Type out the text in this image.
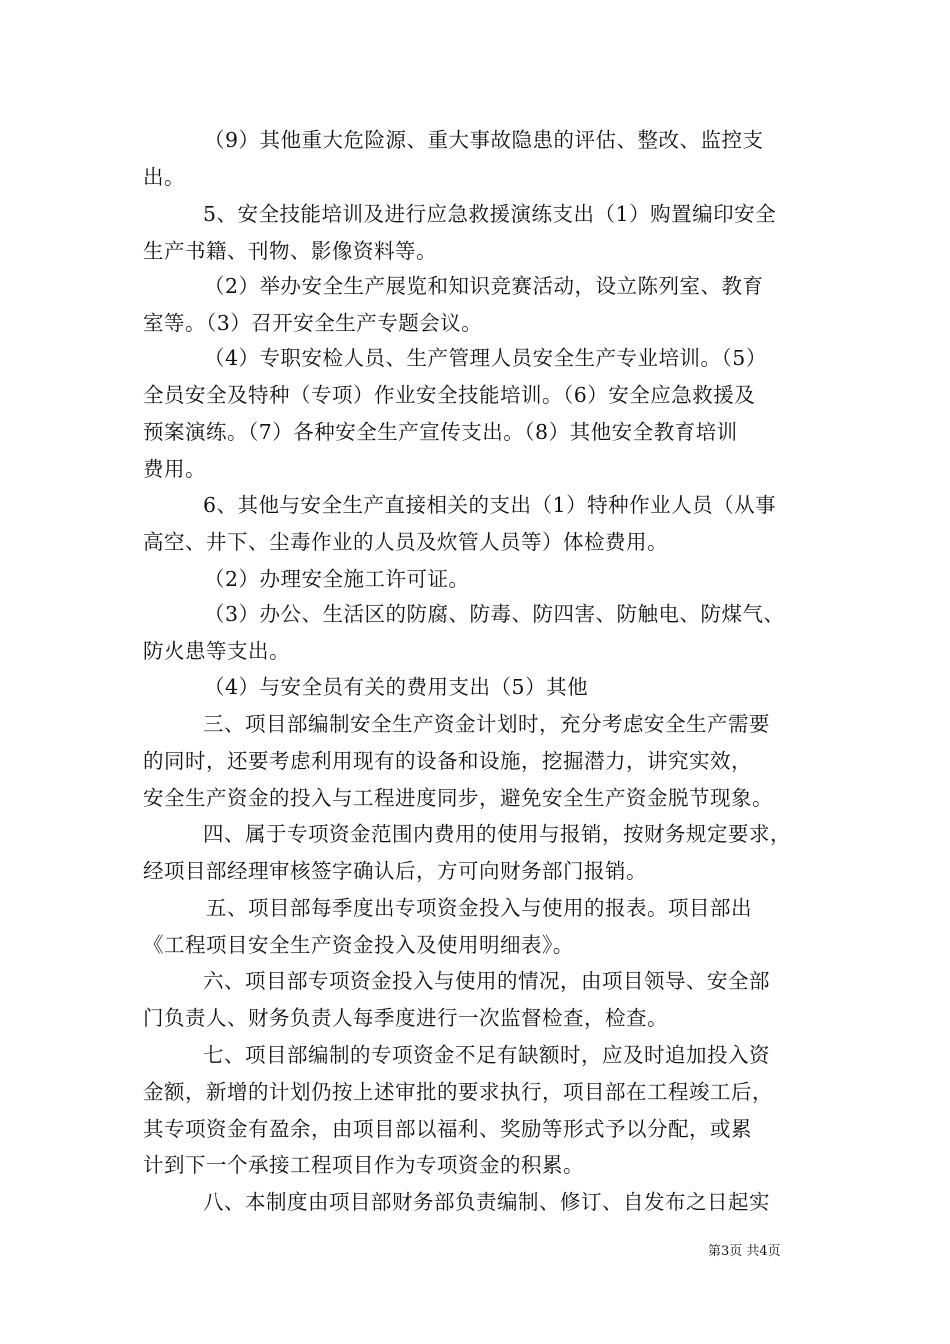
（9）其他重大危险源、重大事故隐患的评估、整改、监控支
出。
5、安全技能培训及进行应急救援演练支出（1）购置编印安全
生产书籍、刊物、影像资料等。
（2）举办安全生产展览和知识竞赛活动，设立陈列室、教育
室等。（3）召开安全生产专题会议。
（4）专职安检人员、生产管理人员安全生产专业培训。（5）
全员安全及特种（专项）作业安全技能培训。（6）安全应急救援及
预案演练。（7）各种安全生产宣传支出。（8）其他安全教育培训
费用。
6、其他与安全生产直接相关的支出（1）特种作业人员（从事
高空、井下、尘毒作业的人员及炊管人员等）体检费用。
（2）办理安全施工许可证。
（3）办公、生活区的防腐、防毒、防四害、防触电、防煤气、
防火患等支出。
（4）与安全员有关的费用支出（5）其他
三、项目部编制安全生产资金计划时，充分考虑安全生产需要
的同时，还要考虑利用现有的设备和设施，挖掘潜力，讲究实效，
安全生产资金的投入与工程进度同步，避免安全生产资金脱节现象。
四、属于专项资金范围内费用的使用与报销，按财务规定要求，
经项目部经理审核签字确认后，方可向财务部门报销。
五、项目部每季度出专项资金投入与使用的报表。项目部出
《工程项目安全生产资金投入及使用明细表》。
六、项目部专项资金投入与使用的情况，由项目领导、安全部
门负责人、财务负责人每季度进行一次监督检查，检查。
七、项目部编制的专项资金不足有缺额时，应及时追加投入资
金额，新增的计划仍按上述审批的要求执行，项目部在工程竣工后，
其专项资金有盈余，由项目部以福利、奖励等形式予以分配，或累
计到下一个承接工程项目作为专项资金的积累。
八、本制度由项目部财务部负责编制、修订、自发布之日起实
第3页 共4页
